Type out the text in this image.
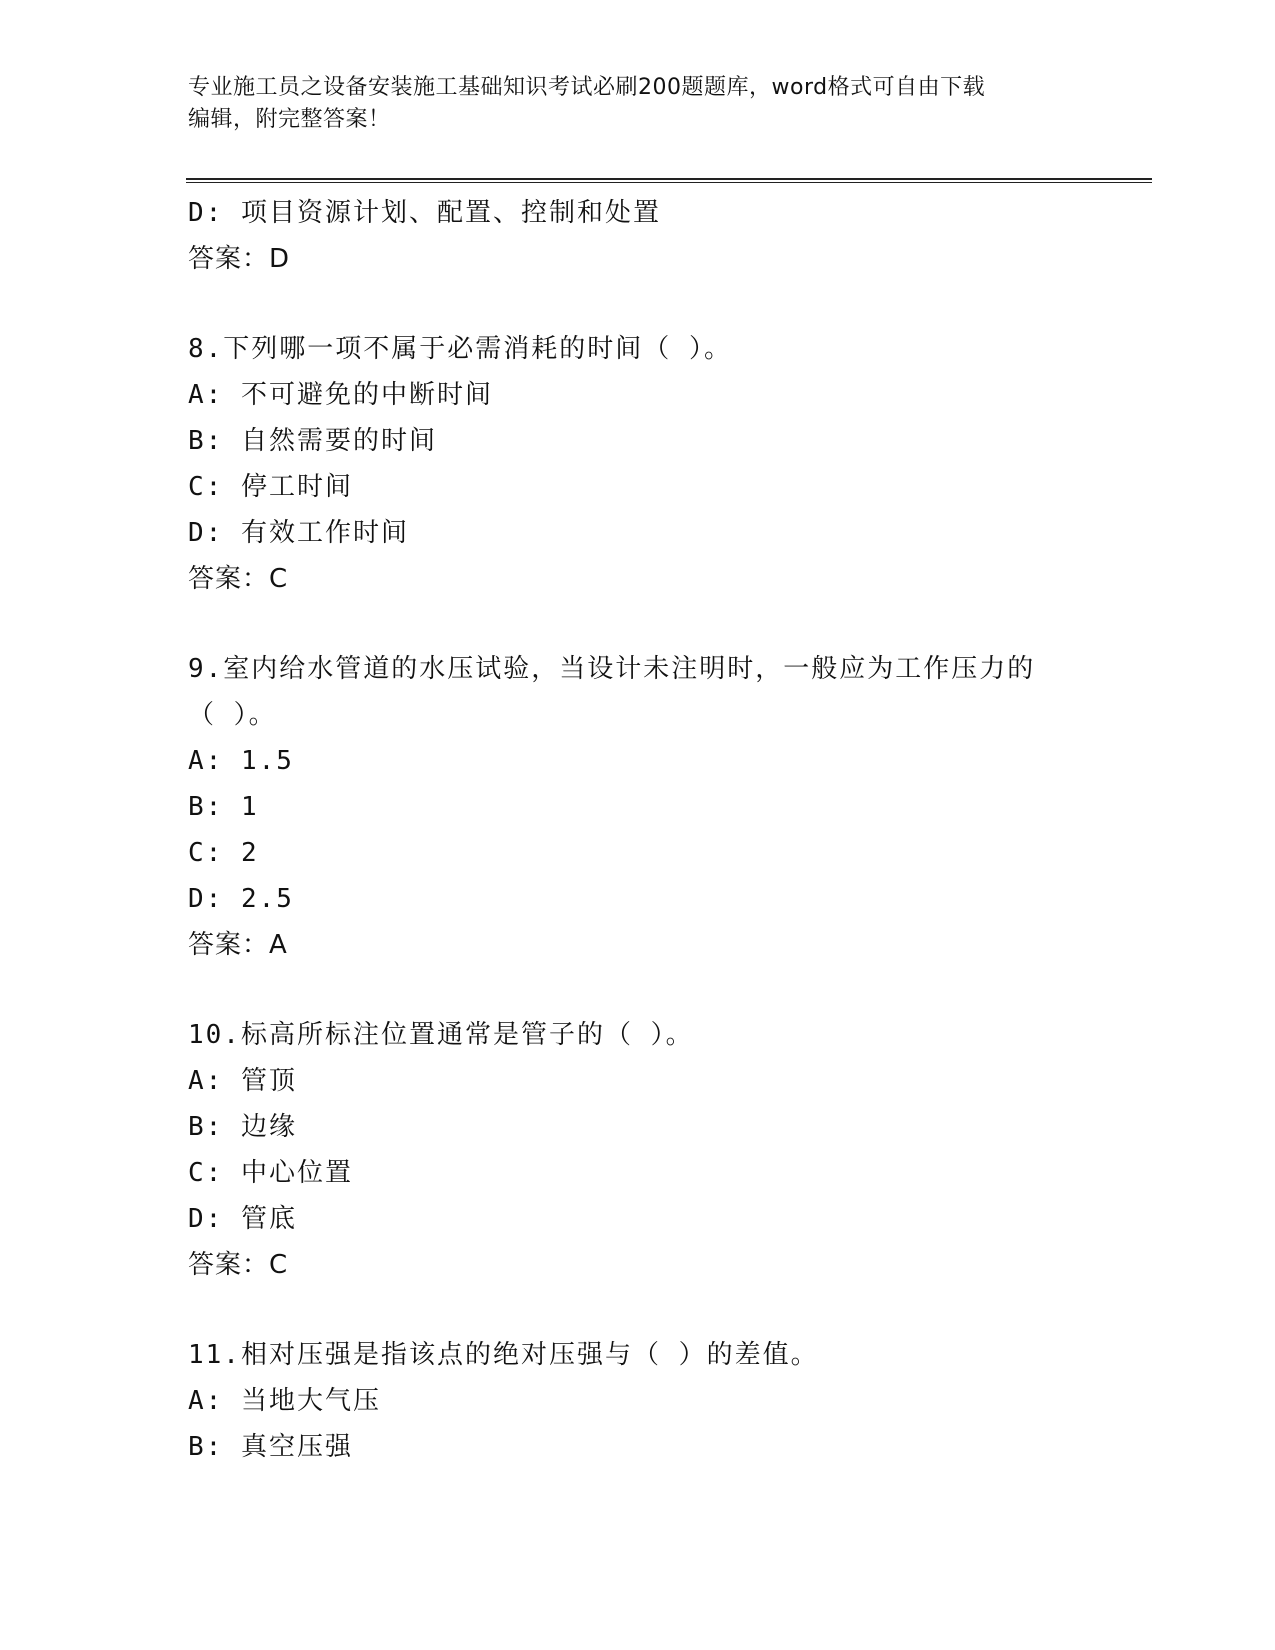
专业施工员之设备安装施工基础知识考试必刷200题题库，word格式可自由下载
编辑，附完整答案！
D: 项目资源计划、配置、控制和处置
答案：D
8.下列哪一项不属于必需消耗的时间（ ）。
A: 不可避免的中断时间
B: 自然需要的时间
C: 停工时间
D: 有效工作时间
答案：C
9.室内给水管道的水压试验，当设计未注明时，一般应为工作压力的
（ ）。
A: 1.5
B: 1
C: 2
D: 2.5
答案：A
10.标高所标注位置通常是管子的（ ）。
A: 管顶
B: 边缘
C: 中心位置
D: 管底
答案：C
11.相对压强是指该点的绝对压强与（ ）的差值。
A: 当地大气压
B: 真空压强
